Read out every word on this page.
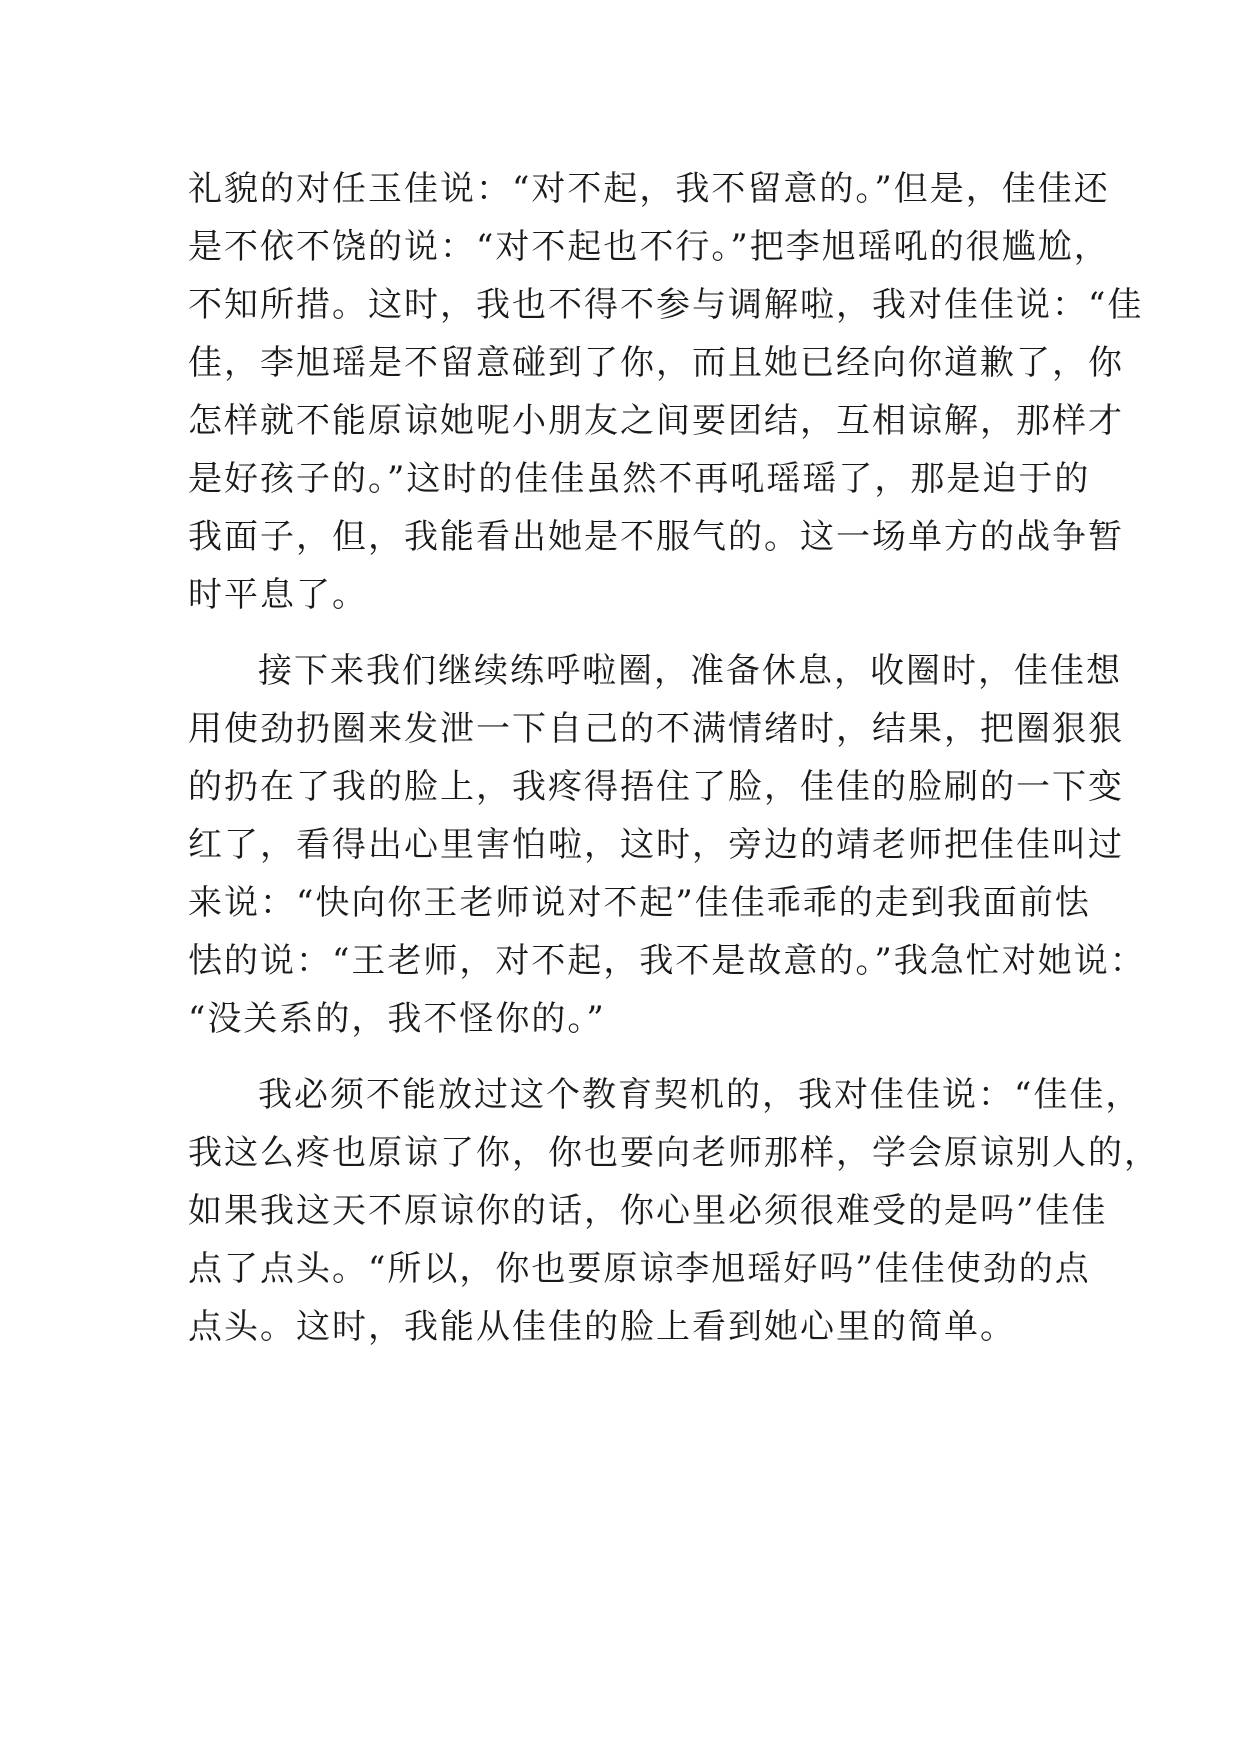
礼貌的对任玉佳说：“对不起，我不留意的。”但是，佳佳还
是不依不饶的说：“对不起也不行。”把李旭瑶吼的很尴尬，
不知所措。这时，我也不得不参与调解啦，我对佳佳说：“佳
佳，李旭瑶是不留意碰到了你，而且她已经向你道歉了，你
怎样就不能原谅她呢小朋友之间要团结，互相谅解，那样才
是好孩子的。”这时的佳佳虽然不再吼瑶瑶了，那是迫于的
我面子，但，我能看出她是不服气的。这一场单方的战争暂
时平息了。
接下来我们继续练呼啦圈，准备休息，收圈时，佳佳想
用使劲扔圈来发泄一下自己的不满情绪时，结果，把圈狠狠
的扔在了我的脸上，我疼得捂住了脸，佳佳的脸刷的一下变
红了，看得出心里害怕啦，这时，旁边的靖老师把佳佳叫过
来说：“快向你王老师说对不起”佳佳乖乖的走到我面前怯
怯的说：“王老师，对不起，我不是故意的。”我急忙对她说：
“没关系的，我不怪你的。”
我必须不能放过这个教育契机的，我对佳佳说：“佳佳，
我这么疼也原谅了你，你也要向老师那样，学会原谅别人的，
如果我这天不原谅你的话，你心里必须很难受的是吗”佳佳
点了点头。“所以，你也要原谅李旭瑶好吗”佳佳使劲的点
点头。这时，我能从佳佳的脸上看到她心里的简单。
